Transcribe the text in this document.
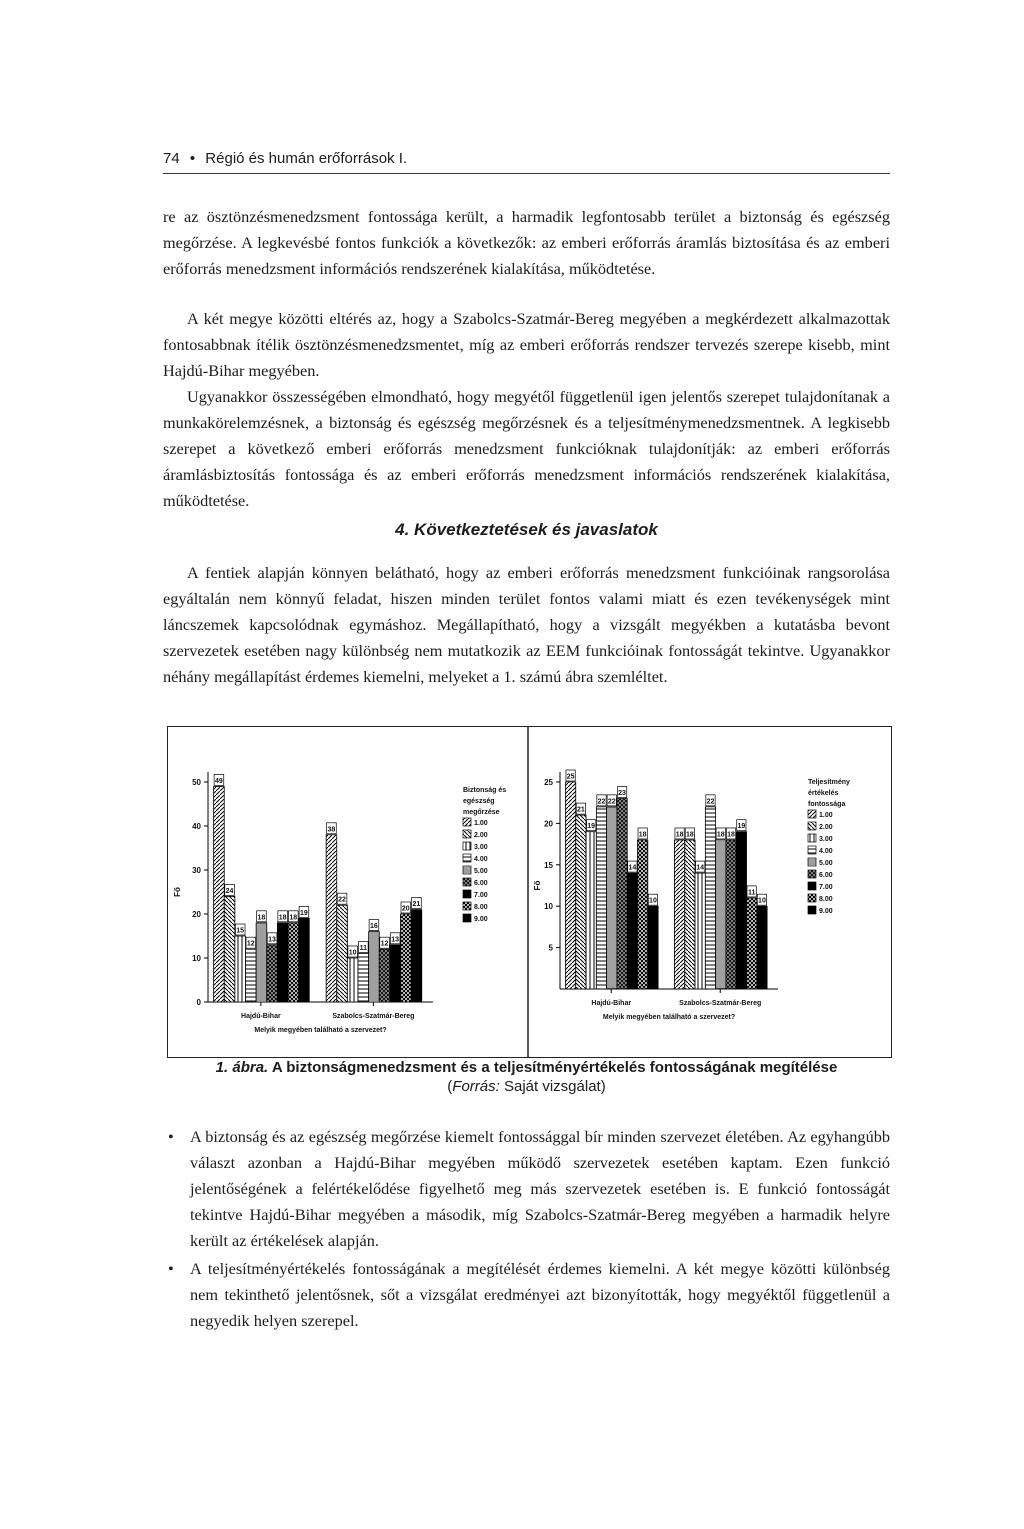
74 • Régió és humán erőforrások I.

re az ösztönzésmenedzsment fontossága került, a harmadik legfontosabb terület a biztonság és egészség megőrzése. A legkevésbé fontos funkciók a következők: az emberi erőforrás áramlás biztosítása és az emberi erőforrás menedzsment információs rendszerének kialakítása, működtetése.

A két megye közötti eltérés az, hogy a Szabolcs-Szatmár-Bereg megyében a megkérdezett alkalmazottak fontosabbnak ítélik ösztönzésmenedzsmentet, míg az emberi erőforrás rendszer tervezés szerepe kisebb, mint Hajdú-Bihar megyében.

Ugyanakkor összességében elmondható, hogy megyétől függetlenül igen jelentős szerepet tulajdonítanak a munkakörelemzésnek, a biztonság és egészség megőrzésnek és a teljesítménymenedzsmentnek. A legkisebb szerepet a következő emberi erőforrás menedzsment funkcióknak tulajdonítják: az emberi erőforrás áramlásbiztosítás fontossága és az emberi erőforrás menedzsment információs rendszerének kialakítása, működtetése.

4. Következtetések és javaslatok

A fentiek alapján könnyen belátható, hogy az emberi erőforrás menedzsment funkcióinak rangsorolása egyáltalán nem könnyű feladat, hiszen minden terület fontos valami miatt és ezen tevékenységek mint láncszemek kapcsolódnak egymáshoz. Megállapítható, hogy a vizsgált megyékben a kutatásba bevont szervezetek esetében nagy különbség nem mutatkozik az EEM funkcióinak fontosságát tekintve. Ugyanakkor néhány megállapítást érdemes kiemelni, melyeket a 1. számú ábra szemléltet.

0
10
20
30
40
50
Fő
49
24
15
12
18
13
18 18
19
Hajdú-Bihar
38
22
10
11
16
12
13
20
21
Szabolcs-Szatmár-Bereg
Melyik megyében található a szervezet?
Biztonság és
egészség
megőrzése
1.00
2.00
3.00
4.00
5.00
6.00
7.00
8.00
9.00
5
10
15
20
25
Fő
25
21
19
22 22
23
14
18
10
Hajdú-Bihar
18 18
14
22
18 18
19
11
10
Szabolcs-Szatmár-Bereg
Melyik megyében található a szervezet?
Teljesítmény
értékelés
fontossága
1.00
2.00
3.00
4.00
5.00
6.00
7.00
8.00
9.00
1. ábra. A biztonságmenedzsment és a teljesítményértékelés fontosságának megítélése
(Forrás: Saját vizsgálat)
• A biztonság és az egészség megőrzése kiemelt fontossággal bír minden szervezet életében. Az egyhangúbb választ azonban a Hajdú-Bihar megyében működő szervezetek esetében kaptam. Ezen funkció jelentőségének a felértékelődése figyelhető meg más szervezetek esetében is. E funkció fontosságát tekintve Hajdú-Bihar megyében a második, míg Szabolcs-Szatmár-Bereg megyében a harmadik helyre került az értékelések alapján.
• A teljesítményértékelés fontosságának a megítélését érdemes kiemelni. A két megye közötti különbség nem tekinthető jelentősnek, sőt a vizsgálat eredményei azt bizonyították, hogy megyéktől függetlenül a negyedik helyen szerepel.
